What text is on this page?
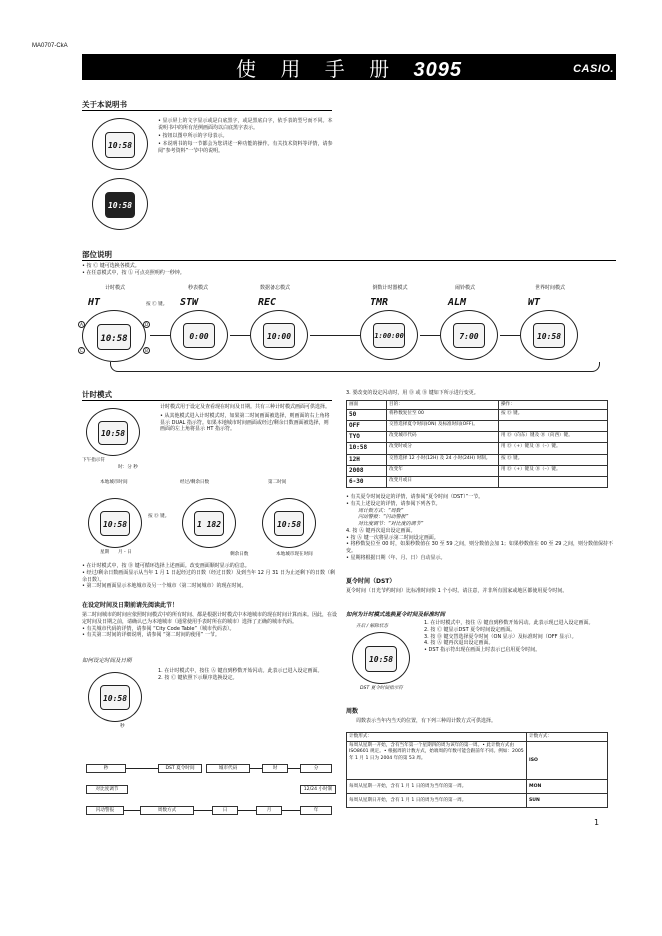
MA0707-CkA
使 用 手 册 3095	CASIO.
关于本说明书
10:58
10:58
• 显示屏上的文字显示或是白底黑字，或是黑底白字，依手表的型号而不同。本说明书中的所有范例画面均以白底黑字表示。
• 按钮以图中所示的字母表示。
• 本说明书的每一节都会为您讲述一种功能的操作。有关技术资料等详情，请参阅“参考资料”一节中的说明。
部位说明
• 按 Ⓒ 键可选换各模式。
• 在任意模式中，按 Ⓛ 可点亮照明约一秒钟。
计时模式	秒表模式	数据备忘模式	倒数计时器模式	闹铃模式	世界时间模式
HT	STW	REC	TMR	ALM	WT
按 Ⓒ 键。
10:58
A
C
D
B
0:00	10:00	1:00:00	7:00	10:58
计时模式
10:58
下午指示符
时：分 秒
计时模式用于设定及查看现在时间及日期。共有三种计时模式画面可供选择。
• 从其他模式进入计时模式时，如果第二时间画面被选择，则画面的右上角将显示 DUAL 指示符。如果本地城市时间画面或经过/剩余日数画面被选择，则画面的左上角将显示 HT 指示符。
本地城市时间	经过/剩余日数	第二时间
10:58
按 Ⓓ 键。
1 182	10:58
星期 月 - 日	剩余日数	本地城市现在时间
• 在计时模式中，按 Ⓓ 键可循环选择上述画面。改变画面顺时显示的信息。
• 经过/剩余日数画面显示从当年 1 月 1 日起经过的日数（经过日数）及到当年 12 月 31 日为止还剩下的日数（剩余日数）。
• 第二时间画面显示本地城市及另一个城市（第二时间城市）的现在时间。
在设定时间及日期前请先阅读此节！
第二时间城市的时间应依照时间模式中的所有时间、都是根据计时模式中本地城市的现在时间计算而来。因此，在设定时间及日期之前，请确认已为本地城市（通常使用手表时所在的城市）选择了正确的城市代码。
• 有关城市代码的详情，请参阅 “City Code Table”（城市代码表）。
• 有关第二时间的详细说明，请参阅 “第二时间的使用” 一节。
如何设定时间及日期
10:58
秒
1. 在计时模式中，按住 Ⓐ 键直到秒数开始闪动。此表示已进入设定画面。
2. 按 Ⓒ 键依照下示顺序选换设定。
秒	DST 夏令时间	城市代码	时	分
对比度调节	12/24 小时制
闪动警报	周数方式	日	月	年
3. 要改变的设定闪动时，用 Ⓓ 或 Ⓑ 键如下所示进行变更。
画面	目的：	操作：
50	将秒数复位至 00	按 Ⓓ 键。
OFF	交替选择夏令时间(ON) 及标准时间(OFF)。	
TYO	改变城市代码	用 Ⓓ（向东）键及 Ⓑ（向西）键。
10:58	改变时或分	用 Ⓓ（+）键及 Ⓑ（–）键。
12H	交替选择 12 小时(12H) 及 24 小时(24H) 时制。	按 Ⓓ 键。
2008	改变年	用 Ⓓ（+）键及 Ⓑ（–）键。
6-30	改变月或日	
• 有关夏令时间设定的详情，请参阅“夏令时间（DST）”一节。
• 有关上述设定的详情，请参阅下列各节。
周计数方式：“周数”
闪动警报：“闪动警报”
对比度调节：“对比度的调节”
4. 按 Ⓐ 键再次退出设定画面。
• 按 Ⓐ 键一次将显示第二时间设定画面。
• 将秒数复位至 00 时，如果秒数值在 30 至 59 之间，则分数值会加 1；如果秒数值在 00 至 29 之间，则分数值保持不变。
• 星期将根据日期（年、月、日）自动显示。
夏令时间（DST）
夏令时间（日光节约时间）比标准时间快 1 个小时。请注意，并非所有国家或地区都使用夏令时间。
如何为计时模式选换夏令时间及标准时间
开启 / 解除状态
10:58
DST 夏令时间指示符
1. 在计时模式中，按住 Ⓐ 键直到秒数开始闪动。此表示现已进入设定画面。
2. 按 Ⓒ 键显示DST 夏令时间设定画面。
3. 按 Ⓓ 键交替选择夏令时间（ON 显示）及标准时间（OFF 显示）。
4. 按 Ⓐ 键再次退出设定画面。
• DST 指示符出现在画面上时表示已启用夏令时间。
周数
周数表示当年内当天的位置，有下列三种周计数方式可供选择。
计数形式：	计数方式：
每周从星期一开始，含有当年第一个星期四的周为该年的第一周。• 此计数方式由 ISO8601 规定。• 根据周的计数方式，始端周的年数可能会跟前年不同。例如：2005 年 1 月 1 日为 2004 年的第 53 周。	ISO
每周从星期一开始，含有 1 月 1 日的周为当年的第一周。	MON
每周从星期日开始，含有 1 月 1 日的周为当年的第一周。	SUN
1
